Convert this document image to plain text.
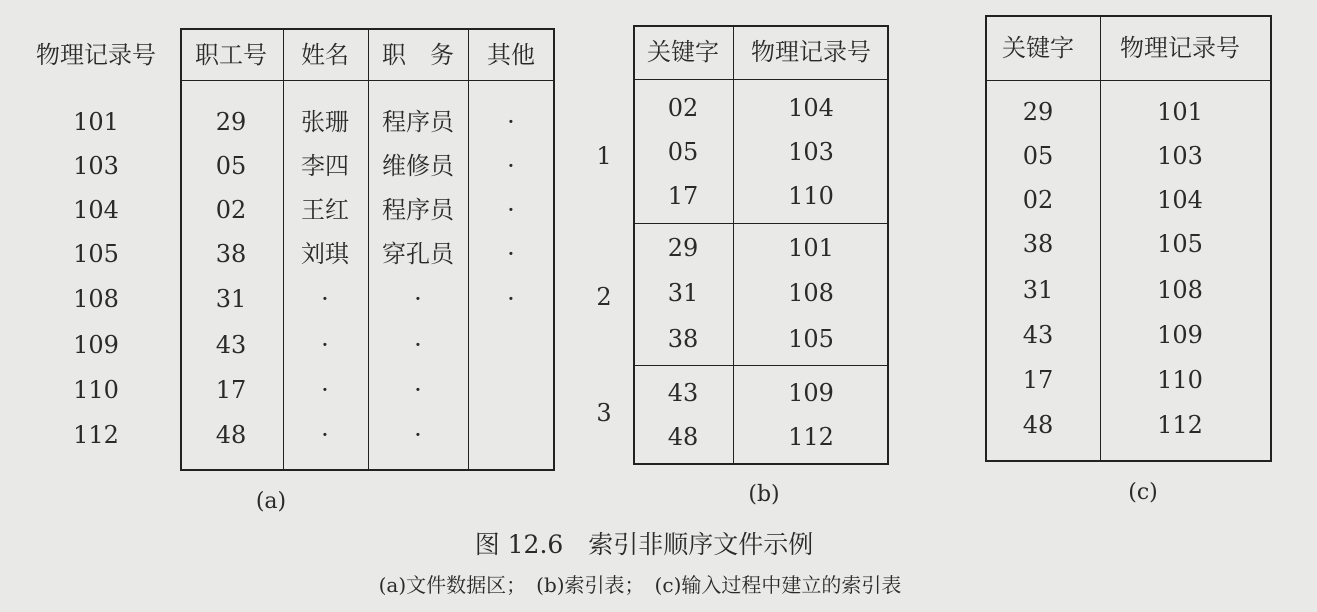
物理记录号 职工号 姓名 职　务 其他
101	29 张珊 程序员 ·
103	05 李四 维修员 ·
104	02 王红 程序员 ·
105	38 刘琪 穿孔员 ·
108	31	·	·	·
109	43	·	·
110	17	·	·
112	48	·	·
(a)
关键字 物理记录号
1
02	104
05	103
17	110
2
29	101
31	108
38	105
3
43	109
48	112
(b)
关键字 物理记录号
29	101
05	103
02	104
38	105
31	108
43	109
17	110
48	112
(c)
图 12.6　索引非顺序文件示例
(a)文件数据区；　(b)索引表；　(c)输入过程中建立的索引表
